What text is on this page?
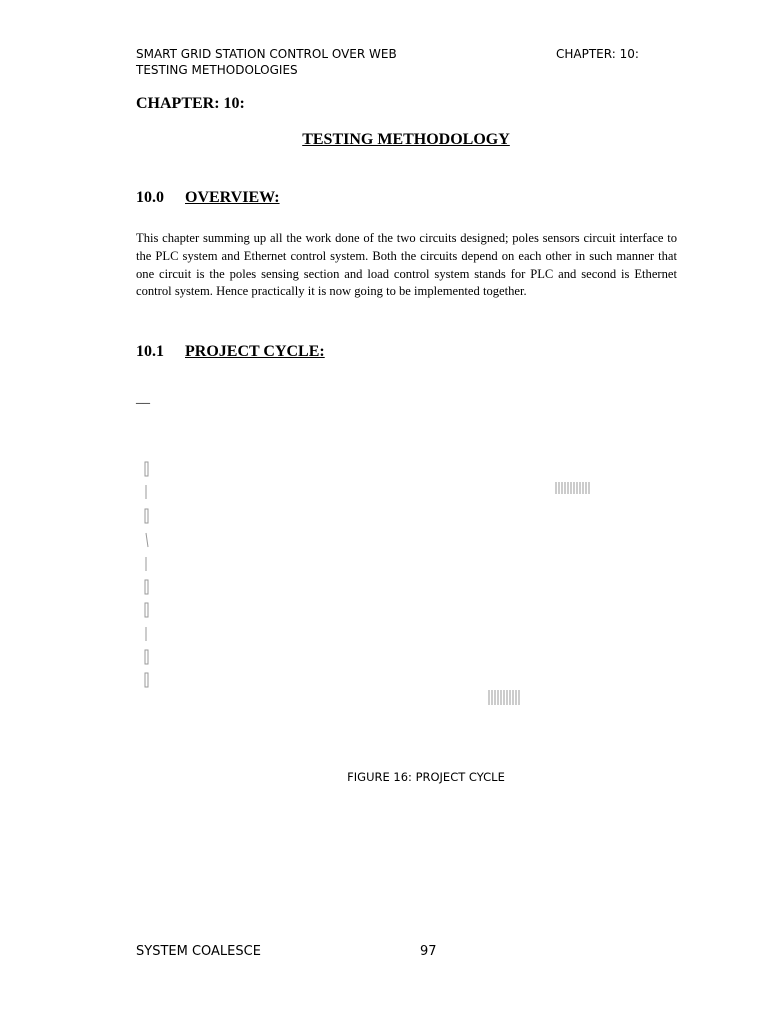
SMART GRID STATION CONTROL OVER WEB
TESTING METHODOLOGIES
CHAPTER: 10:
CHAPTER: 10:
TESTING METHODOLOGY
10.0 OVERVIEW:
This chapter summing up all the work done of the two circuits designed; poles sensors circuit interface to the PLC system and Ethernet control system. Both the circuits depend on each other in such manner that one circuit is the poles sensing section and load control system stands for PLC and second is Ethernet control system. Hence practically it is now going to be implemented together.
10.1 PROJECT CYCLE:
__
FIGURE 16: PROJECT CYCLE
SYSTEM COALESCE	97
